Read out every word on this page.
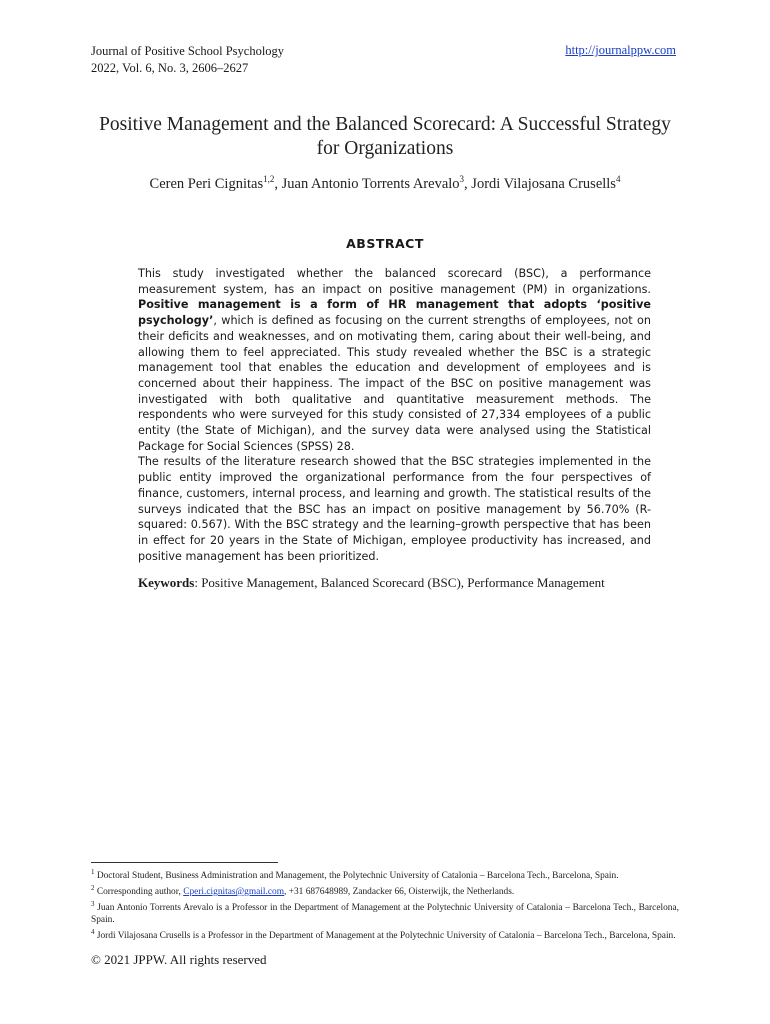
Journal of Positive School Psychology
2022, Vol. 6, No. 3, 2606–2627
http://journalppw.com
Positive Management and the Balanced Scorecard: A Successful Strategy for Organizations
Ceren Peri Cignitas$^{1,2}$, Juan Antonio Torrents Arevalo$^3$, Jordi Vilajosana Crusells$^4$
ABSTRACT

This study investigated whether the balanced scorecard (BSC), a performance measurement system, has an impact on positive management (PM) in organizations. Positive management is a form of HR management that adopts ‘positive psychology’, which is defined as focusing on the current strengths of employees, not on their deficits and weaknesses, and on motivating them, caring about their well-being, and allowing them to feel appreciated. This study revealed whether the BSC is a strategic management tool that enables the education and development of employees and is concerned about their happiness. The impact of the BSC on positive management was investigated with both qualitative and quantitative measurement methods. The respondents who were surveyed for this study consisted of 27,334 employees of a public entity (the State of Michigan), and the survey data were analysed using the Statistical Package for Social Sciences (SPSS) 28.

The results of the literature research showed that the BSC strategies implemented in the public entity improved the organizational performance from the four perspectives of finance, customers, internal process, and learning and growth. The statistical results of the surveys indicated that the BSC has an impact on positive management by 56.70% (R-squared: 0.567). With the BSC strategy and the learning–growth perspective that has been in effect for 20 years in the State of Michigan, employee productivity has increased, and positive management has been prioritized.

Keywords: Positive Management, Balanced Scorecard (BSC), Performance Management

$^1$ Doctoral Student, Business Administration and Management, the Polytechnic University of Catalonia – Barcelona Tech., Barcelona, Spain.

$^2$ Corresponding author, Cperi.cignitas@gmail.com, +31 687648989, Zandacker 66, Oisterwijk, the Netherlands.

$^3$ Juan Antonio Torrents Arevalo is a Professor in the Department of Management at the Polytechnic University of Catalonia – Barcelona Tech., Barcelona, Spain.

$^4$ Jordi Vilajosana Crusells is a Professor in the Department of Management at the Polytechnic University of Catalonia – Barcelona Tech., Barcelona, Spain.

© 2021 JPPW. All rights reserved
